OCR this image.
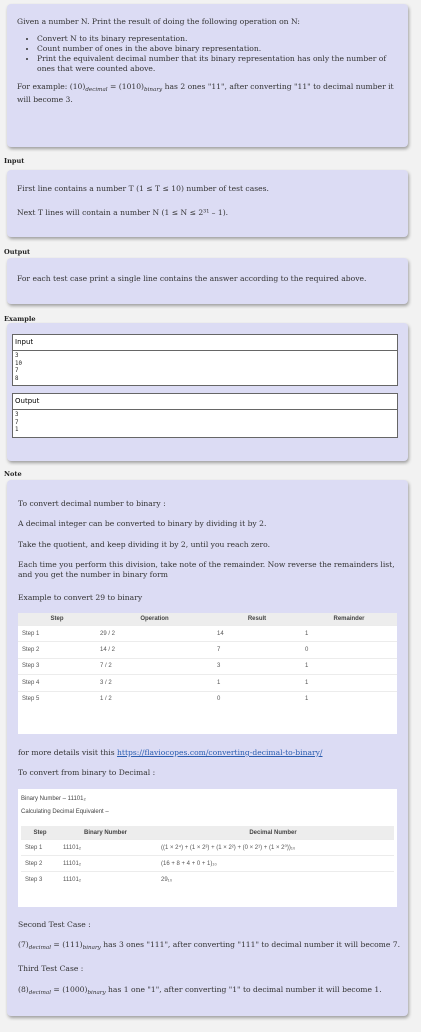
Given a number N. Print the result of doing the following operation on N:

• Convert N to its binary representation.
• Count number of ones in the above binary representation.
• Print the equivalent decimal number that its binary representation has only the number of ones that were counted above.

For example: $(10)_{decimal} = (1010)_{binary}$ has 2 ones "11", after converting "11" to decimal number it will become 3.

Input

First line contains a number T (1 ≤ T ≤ 10) number of test cases.

Next T lines will contain a number N (1 ≤ N ≤ 2³¹ – 1).

Output

For each test case print a single line contains the answer according to the required above.

Example
Input
3
10
7
8
Output
3
7
1
Note

To convert decimal number to binary :

A decimal integer can be converted to binary by dividing it by 2.

Take the quotient, and keep dividing it by 2, until you reach zero.

Each time you perform this division, take note of the remainder. Now reverse the remainders list, and you get the number in binary form

Example to convert 29 to binary

Step	Operation	Result	Remainder
Step 1	29 / 2	14	1
Step 2	14 / 2	7	0
Step 3	7 / 2	3	1
Step 4	3 / 2	1	1
Step 5	1 / 2	0	1

for more details visit this https://flaviocopes.com/converting-decimal-to-binary/

To convert from binary to Decimal :

Binary Number – 11101₂
Calculating Decimal Equivalent –
Step	Binary Number	Decimal Number
Step 1	11101₂	((1 × 2⁴) + (1 × 2³) + (1 × 2²) + (0 × 2¹) + (1 × 2⁰))₁₀
Step 2	11101₂	(16 + 8 + 4 + 0 + 1)₁₀
Step 3	11101₂	29₁₀

Second Test Case :

$(7)_{decimal} = (111)_{binary}$ has 3 ones "111", after converting "111" to decimal number it will become 7.

Third Test Case :

$(8)_{decimal} = (1000)_{binary}$ has 1 one "1", after converting "1" to decimal number it will become 1.
